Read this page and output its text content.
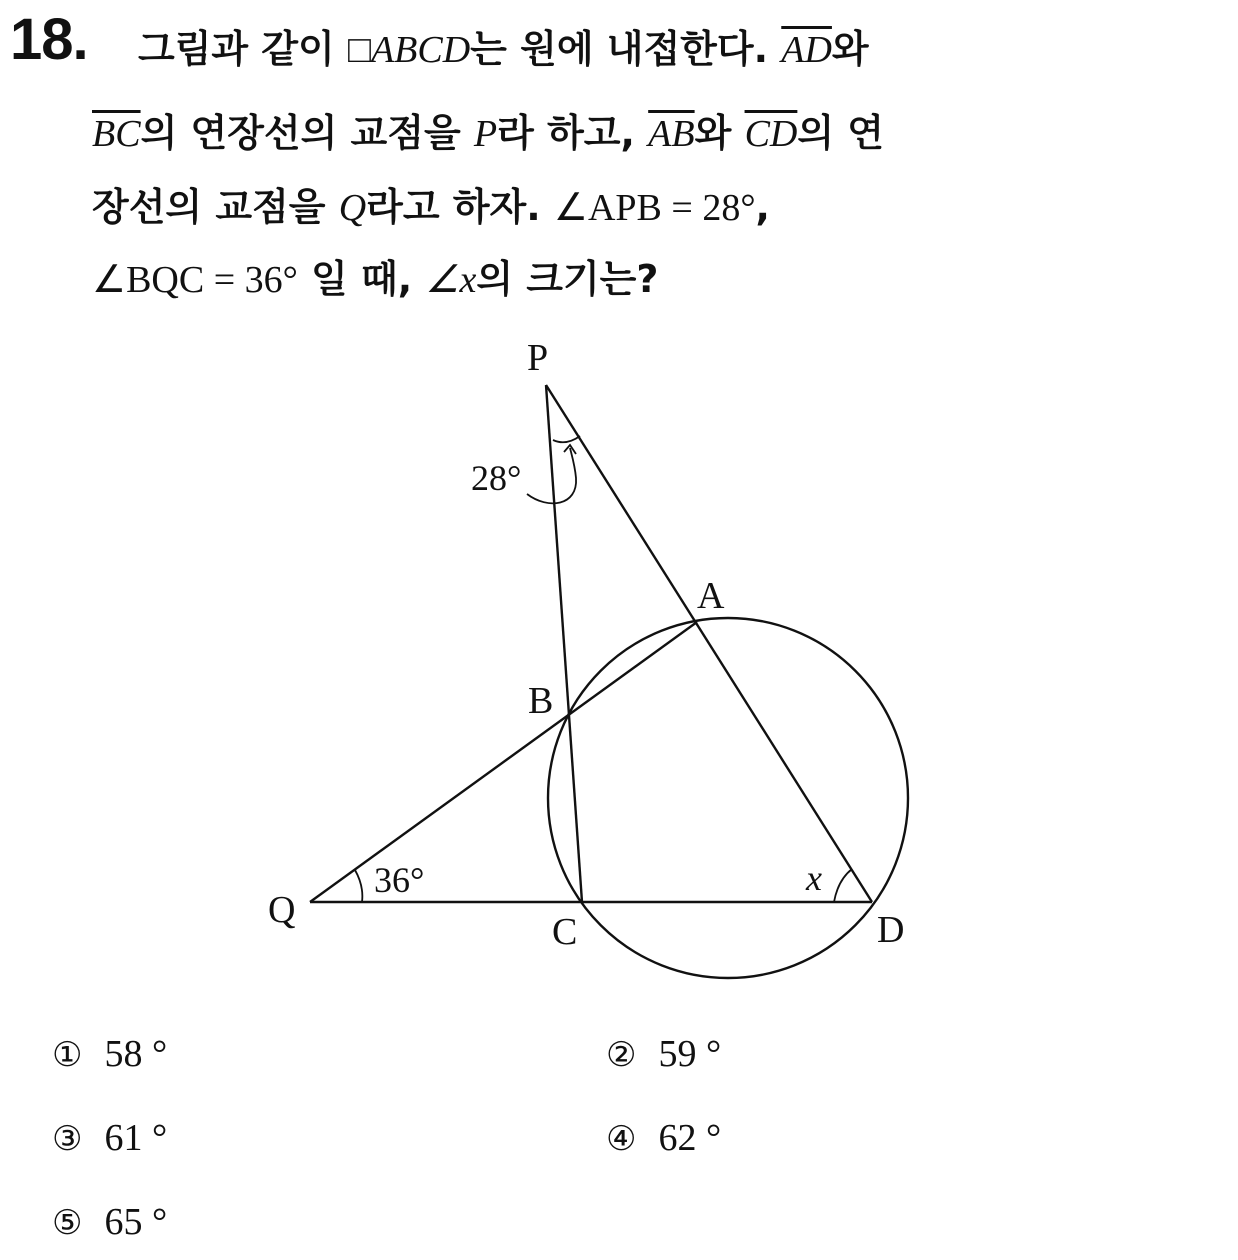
18. 그림과 같이 □ABCD는 원에 내접한다. $\overline{AD}$와
$\overline{BC}$의 연장선의 교점을 P라 하고, $\overline{AB}$와 $\overline{CD}$의 연
장선의 교점을 Q라고 하자. ∠APB = 28°,
∠BQC = 36° 일 때, ∠x의 크기는?
P
A
B
C	D
Q
28°
36°	x
① 58 °	② 59 °
③ 61 °	④ 62 °
⑤ 65 °
